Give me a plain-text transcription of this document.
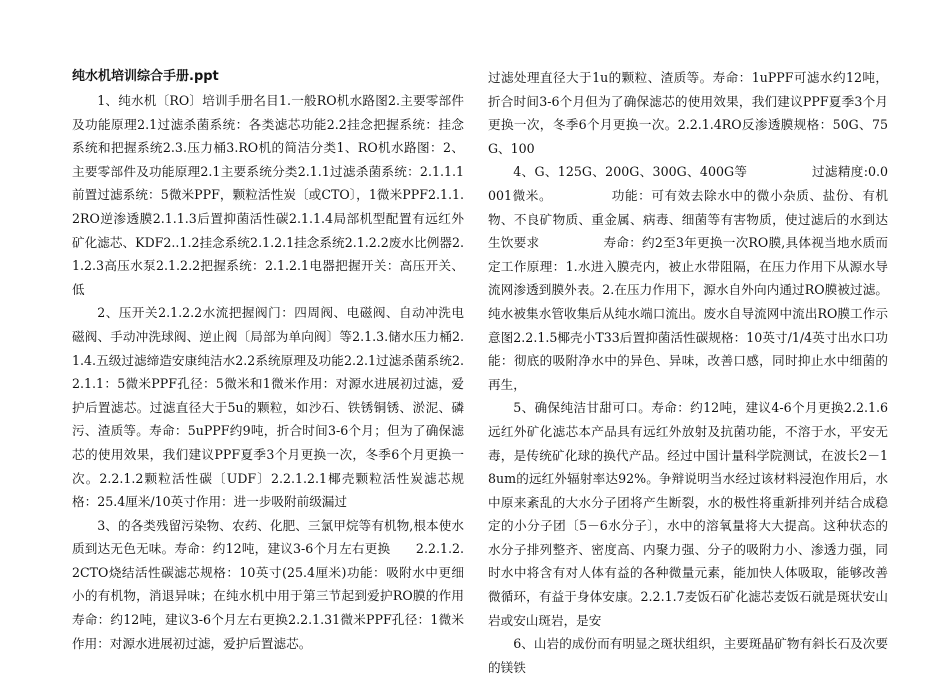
纯水机培训综合手册.ppt

1、纯水机〔RO〕培训手册名目1.一般RO机水路图2.主要零部件及功能原理2.1过滤杀菌系统：各类滤芯功能2.2挂念把握系统：挂念系统和把握系统2.3.压力桶3.RO机的简洁分类1、RO机水路图：2、主要零部件及功能原理2.1主要系统分类2.1.1过滤杀菌系统：2.1.1.1前置过滤系统：5微米PPF，颗粒活性炭〔或CTO〕，1微米PPF2.1.1.2RO逆渗透膜2.1.1.3后置抑菌活性碳2.1.1.4局部机型配置有远红外矿化滤芯、KDF2..1.2挂念系统2.1.2.1挂念系统2.1.2.2废水比例器2.1.2.3高压水泵2.1.2.2把握系统：2.1.2.1电器把握开关：高压开关、低

2、压开关2.1.2.2水流把握阀门：四周阀、电磁阀、自动冲洗电磁阀、手动冲洗球阀、逆止阀〔局部为单向阀〕等2.1.3.储水压力桶2.1.4.五级过滤缔造安康纯洁水2.2系统原理及功能2.2.1过滤杀菌系统2.2.1.1：5微米PPF孔径：5微米和1微米作用：对源水进展初过滤，爱护后置滤芯。过滤直径大于5u的颗粒，如沙石、铁锈铜锈、淤泥、磷污、渣质等。寿命：5uPPF约9吨，折合时间3-6个月；但为了确保滤芯的使用效果，我们建议PPF夏季3个月更换一次，冬季6个月更换一次。2.2.1.2颗粒活性碳〔UDF〕2.2.1.2.1椰壳颗粒活性炭滤芯规格：25.4厘米/10英寸作用：进一步吸附前级漏过

3、的各类残留污染物、农药、化肥、三氯甲烷等有机物,根本使水质到达无色无味。寿命：约12吨，建议3-6个月左右更换　　2.2.1.2.2CTO烧结活性碳滤芯规格：10英寸(25.4厘米)功能：吸附水中更细小的有机物，消退异味；在纯水机中用于第三节起到爱护RO膜的作用寿命：约12吨，建议3-6个月左右更换2.2.1.31微米PPF孔径：1微米作用：对源水进展初过滤，爱护后置滤芯。

过滤处理直径大于1u的颗粒、渣质等。寿命：1uPPF可滤水约12吨，折合时间3-6个月但为了确保滤芯的使用效果，我们建议PPF夏季3个月更换一次，冬季6个月更换一次。2.2.1.4RO反渗透膜规格：50G、75G、100

4、G、125G、200G、300G、400G等　　　　　过滤精度:0.0001微米。　　　　　功能：可有效去除水中的微小杂质、盐份、有机物、不良矿物质、重金属、病毒、细菌等有害物质，使过滤后的水到达生饮要求　　　　　寿命：约2至3年更换一次RO膜,具体视当地水质而定工作原理：1.水进入膜壳内，被止水带阻隔，在压力作用下从源水导流网渗透到膜外表。2.在压力作用下，源水自外向内通过RO膜被过滤。纯水被集水管收集后从纯水端口流出。废水自导流网中流出RO膜工作示意图2.2.1.5椰壳小T33后置抑菌活性碳规格：10英寸/1/4英寸出水口功能：彻底的吸附净水中的异色、异味，改善口感，同时抑止水中细菌的再生，

5、确保纯洁甘甜可口。寿命：约12吨，建议4-6个月更换2.2.1.6远红外矿化滤芯本产品具有远红外放射及抗菌功能，不溶于水，平安无毒，是传统矿化球的换代产品。经过中国计量科学院测试，在波长2－18um的远红外辐射率达92%。争辩说明当水经过该材料浸泡作用后，水中原来紊乱的大水分子团将产生断裂，水的极性将重新排列并结合成稳定的小分子团〔5－6水分子〕，水中的溶氧量将大大提高。这种状态的水分子排列整齐、密度高、内聚力强、分子的吸附力小、渗透力强，同时水中将含有对人体有益的各种微量元素，能加快人体吸取，能够改善微循环，有益于身体安康。2.2.1.7麦饭石矿化滤芯麦饭石就是斑状安山岩或安山斑岩，是安

6、山岩的成份而有明显之斑状组织，主要斑晶矿物有斜长石及次要的镁铁
